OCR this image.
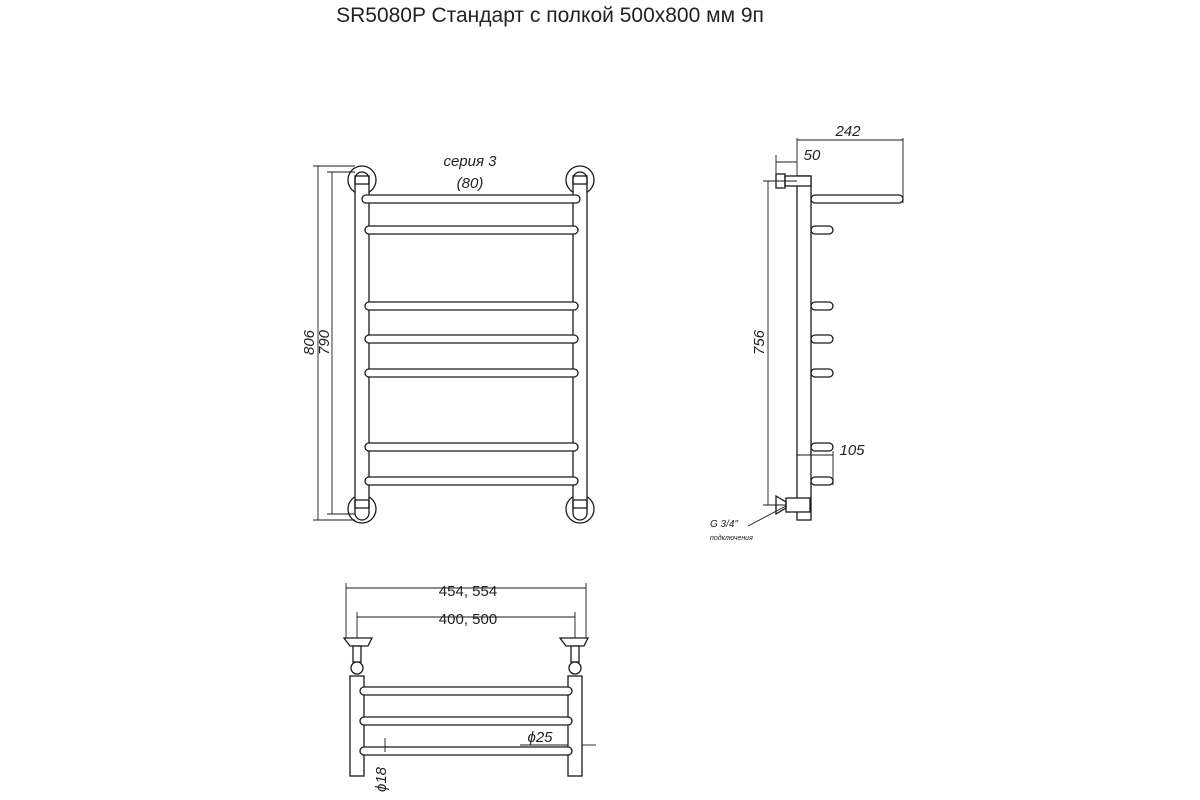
SR5080P Стандарт с полкой 500x800 мм 9п
806
790
серия 3
(80)
242
50
756
105
G 3/4"
подключения
454, 554
400, 500
ϕ25
ϕ18
